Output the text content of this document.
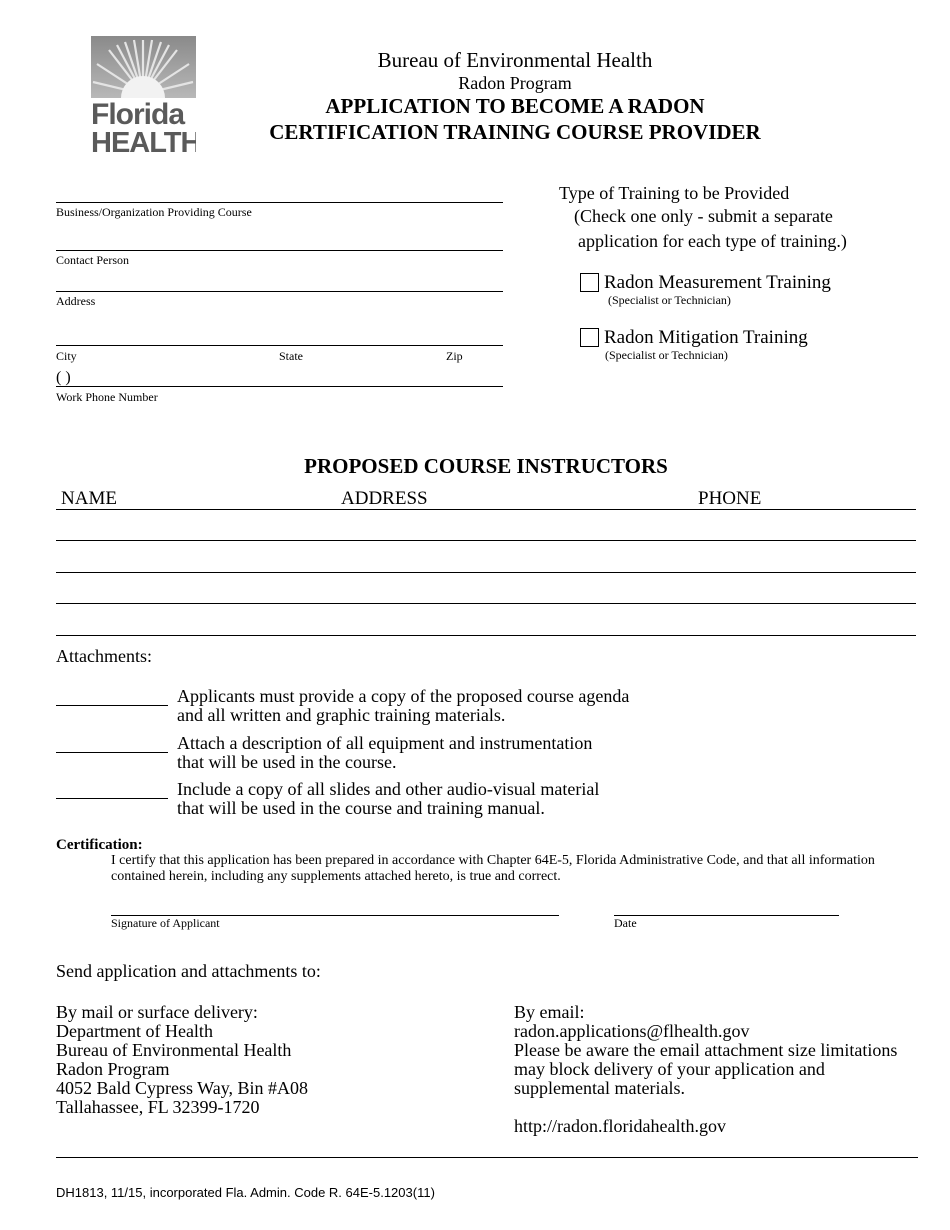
Florida
HEALTH
Bureau of Environmental Health
Radon Program
APPLICATION TO BECOME A RADON
CERTIFICATION TRAINING COURSE PROVIDER
Business/Organization Providing Course
Contact Person
Address
City	State	Zip
( )
Work Phone Number
Type of Training to be Provided
(Check one only - submit a separate
application for each type of training.)
Radon Measurement Training
(Specialist or Technician)
Radon Mitigation Training
(Specialist or Technician)
PROPOSED COURSE INSTRUCTORS
NAME	ADDRESS	PHONE
Attachments:
Applicants must provide a copy of the proposed course agenda
and all written and graphic training materials.
Attach a description of all equipment and instrumentation
that will be used in the course.
Include a copy of all slides and other audio-visual material
that will be used in the course and training manual.
Certification:
I certify that this application has been prepared in accordance with Chapter 64E-5, Florida Administrative Code, and that all information contained herein, including any supplements attached hereto, is true and correct.
Signature of Applicant	Date
Send application and attachments to:
By mail or surface delivery:
Department of Health
Bureau of Environmental Health
Radon Program
4052 Bald Cypress Way, Bin #A08
Tallahassee, FL 32399-1720
By email:
radon.applications@flhealth.gov
Please be aware the email attachment size limitations
may block delivery of your application and
supplemental materials.
http://radon.floridahealth.gov
DH1813, 11/15, incorporated Fla. Admin. Code R. 64E-5.1203(11)
